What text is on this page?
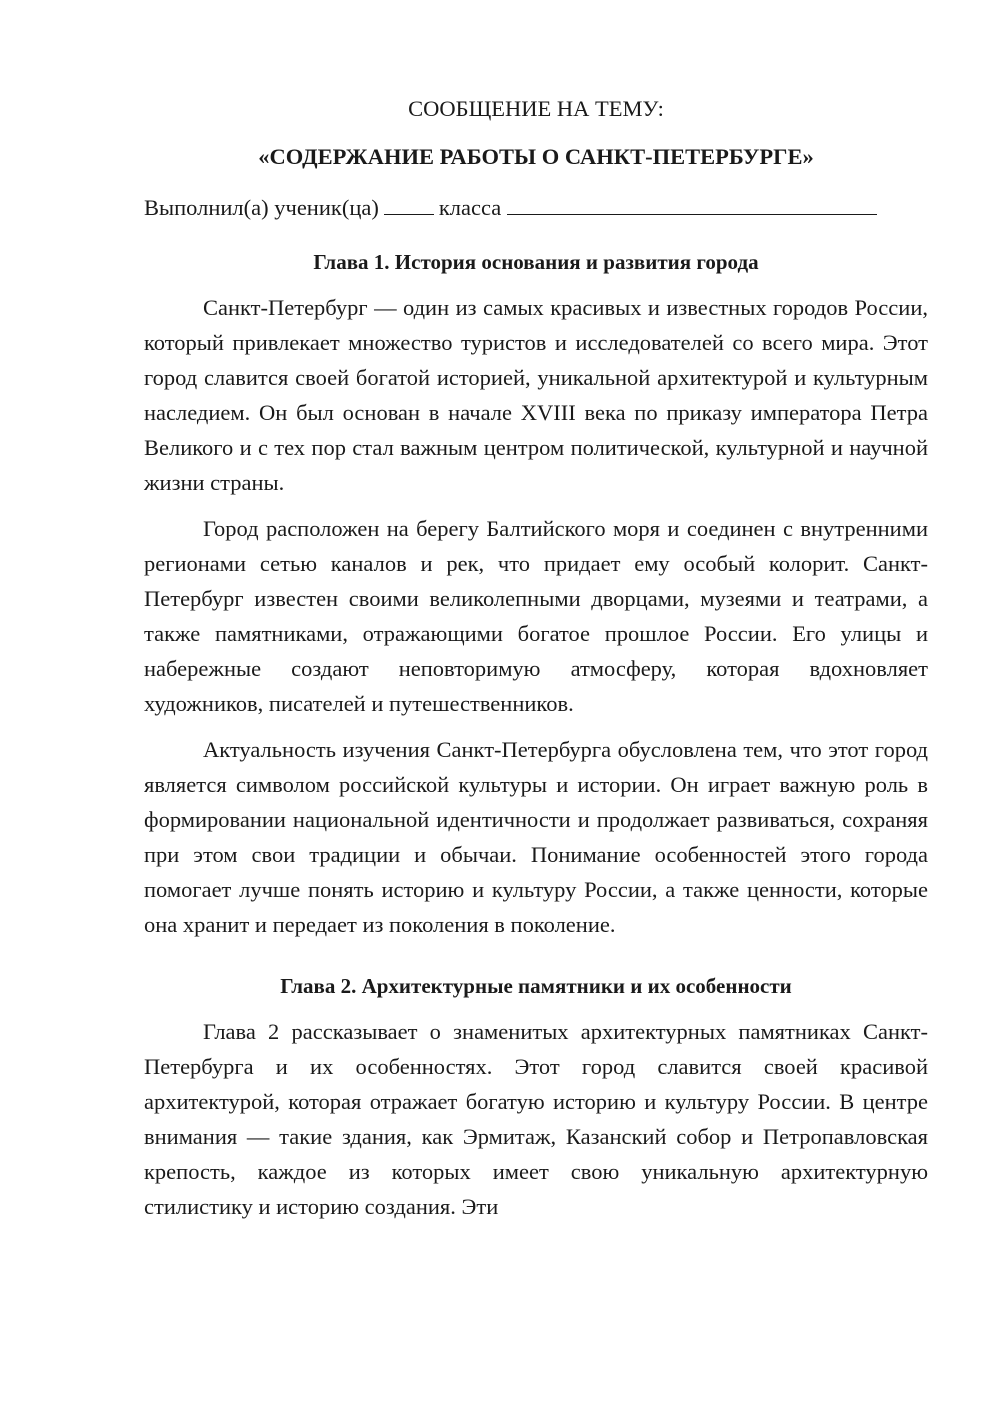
СООБЩЕНИЕ НА ТЕМУ:

«СОДЕРЖАНИЕ РАБОТЫ О САНКТ-ПЕТЕРБУРГЕ»

Выполнил(а) ученик(ца)	класса

Глава 1. История основания и развития города

Санкт-Петербург — один из самых красивых и известных городов России, который привлекает множество туристов и исследователей со всего мира. Этот город славится своей богатой историей, уникальной архитектурой и культурным наследием. Он был основан в начале XVIII века по приказу императора Петра Великого и с тех пор стал важным центром политической, культурной и научной жизни страны.

Город расположен на берегу Балтийского моря и соединен с внутренними регионами сетью каналов и рек, что придает ему особый колорит. Санкт-Петербург известен своими великолепными дворцами, музеями и театрами, а также памятниками, отражающими богатое прошлое России. Его улицы и набережные создают неповторимую атмосферу, которая вдохновляет художников, писателей и путешественников.

Актуальность изучения Санкт-Петербурга обусловлена тем, что этот город является символом российской культуры и истории. Он играет важную роль в формировании национальной идентичности и продолжает развиваться, сохраняя при этом свои традиции и обычаи. Понимание особенностей этого города помогает лучше понять историю и культуру России, а также ценности, которые она хранит и передает из поколения в поколение.

Глава 2. Архитектурные памятники и их особенности

Глава 2 рассказывает о знаменитых архитектурных памятниках Санкт-Петербурга и их особенностях. Этот город славится своей красивой архитектурой, которая отражает богатую историю и культуру России. В центре внимания — такие здания, как Эрмитаж, Казанский собор и Петропавловская крепость, каждое из которых имеет свою уникальную архитектурную стилистику и историю создания. Эти
